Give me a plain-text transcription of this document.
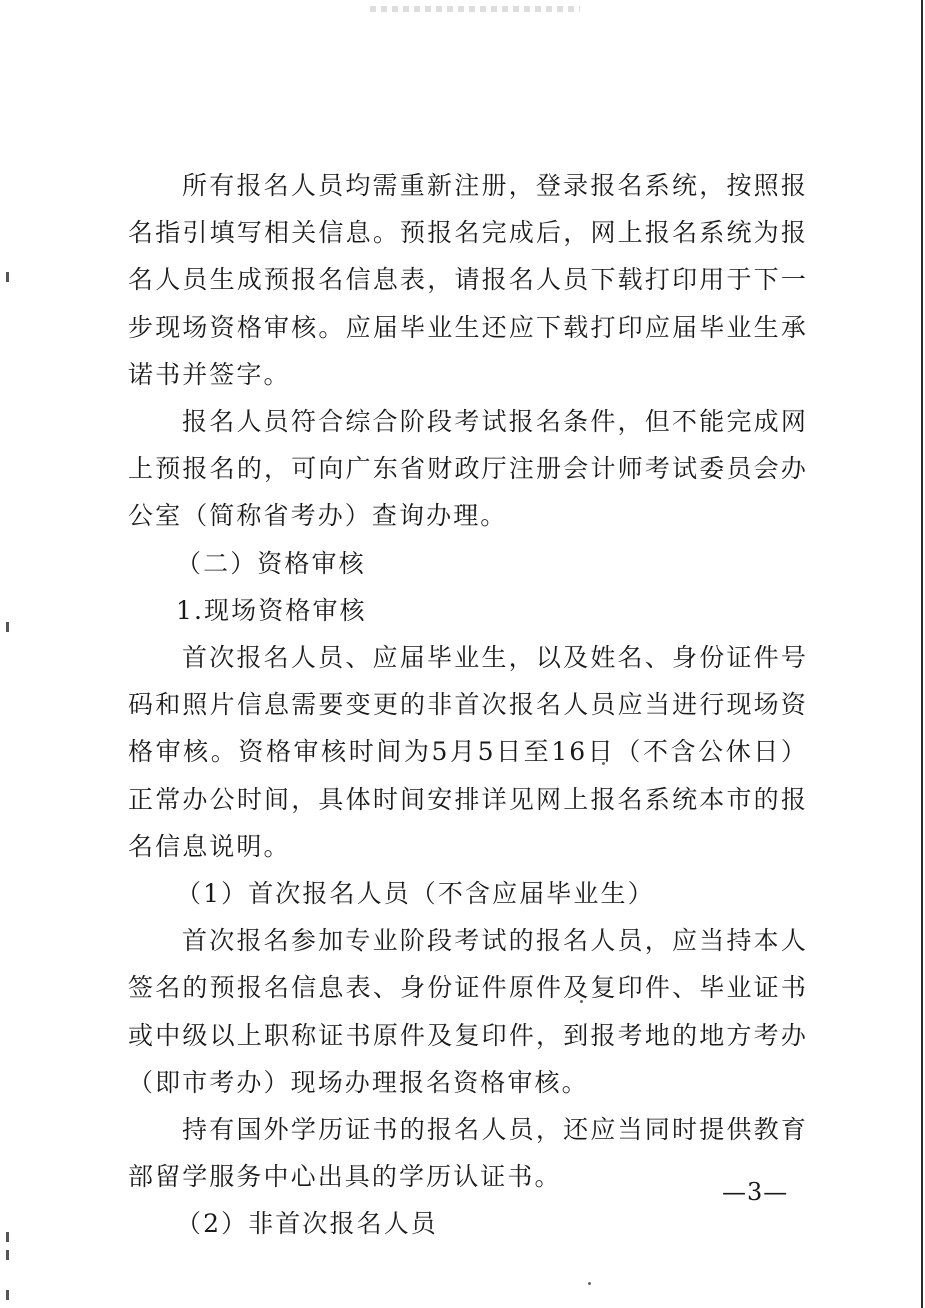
所有报名人员均需重新注册，登录报名系统，按照报名指引填写相关信息。预报名完成后，网上报名系统为报名人员生成预报名信息表，请报名人员下载打印用于下一步现场资格审核。应届毕业生还应下载打印应届毕业生承诺书并签字。

报名人员符合综合阶段考试报名条件，但不能完成网上预报名的，可向广东省财政厅注册会计师考试委员会办公室（简称省考办）查询办理。

（二）资格审核

1.现场资格审核

首次报名人员、应届毕业生，以及姓名、身份证件号码和照片信息需要变更的非首次报名人员应当进行现场资格审核。资格审核时间为5月5日至16日（不含公休日）正常办公时间，具体时间安排详见网上报名系统本市的报名信息说明。

（1）首次报名人员（不含应届毕业生）

首次报名参加专业阶段考试的报名人员，应当持本人签名的预报名信息表、身份证件原件及复印件、毕业证书或中级以上职称证书原件及复印件，到报考地的地方考办（即市考办）现场办理报名资格审核。

持有国外学历证书的报名人员，还应当同时提供教育部留学服务中心出具的学历认证书。

（2）非首次报名人员

—3—
